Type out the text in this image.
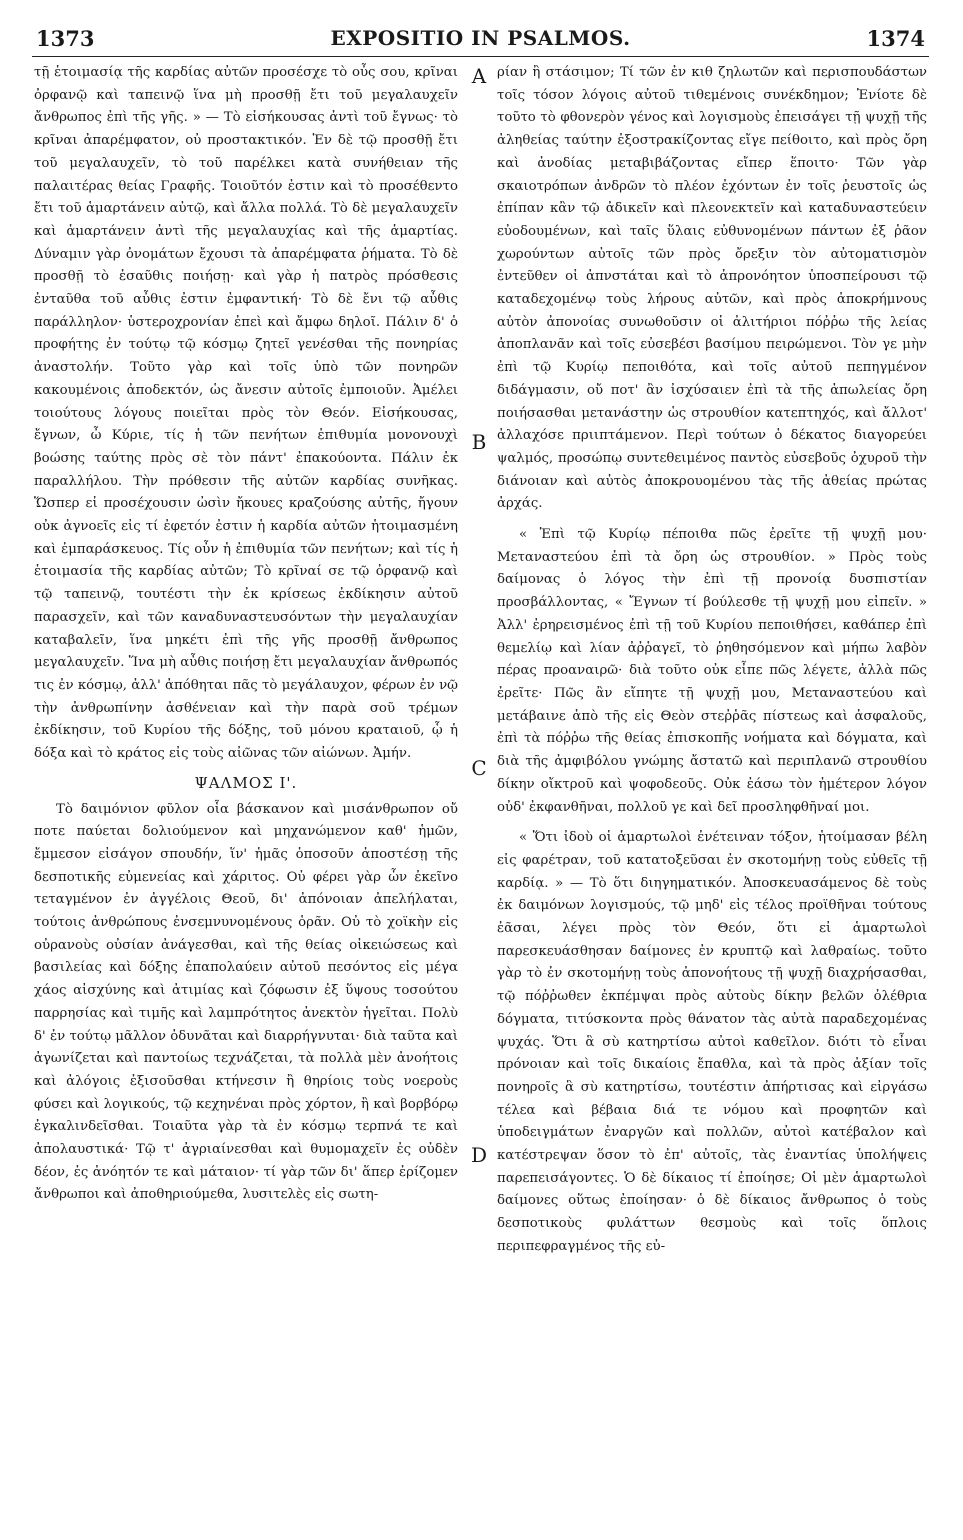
1373	EXPOSITIO IN PSALMOS.	1374

τῇ ἑτοιμασίᾳ τῆς καρδίας αὐτῶν προσέσχε τὸ οὖς σου, κρῖναι ὀρφανῷ καὶ ταπεινῷ ἵνα μὴ προσθῇ ἔτι τοῦ μεγαλαυχεῖν ἄνθρωπος ἐπὶ τῆς γῆς. » — Τὸ εἰσήκουσας ἀντὶ τοῦ ἔγνως· τὸ κρῖναι ἀπαρέμφατον, οὐ προστακτικόν. Ἐν δὲ τῷ προσθῇ ἔτι τοῦ μεγαλαυχεῖν, τὸ τοῦ παρέλκει κατὰ συνήθειαν τῆς παλαιτέρας θείας Γραφῆς. Τοιοῦτόν ἐστιν καὶ τὸ προσέθεντο ἔτι τοῦ ἁμαρτάνειν αὐτῷ, καὶ ἄλλα πολλά. Τὸ δὲ μεγαλαυχεῖν καὶ ἁμαρτάνειν ἀντὶ τῆς μεγαλαυχίας καὶ τῆς ἁμαρτίας. Δύναμιν γὰρ ὀνομάτων ἔχουσι τὰ ἀπαρέμφατα ῥήματα. Τὸ δὲ προσθῇ τὸ ἐσαῦθις ποιήσῃ· καὶ γὰρ ἡ πατρὸς πρόσθεσις ἐνταῦθα τοῦ αὖθις ἐστιν ἐμφαντική· Τὸ δὲ ἔνι τῷ αὖθις παράλληλον· ὑστεροχρονίαν ἐπεὶ καὶ ἄμφω δηλοῖ. Πάλιν δ' ὁ προφήτης ἐν τούτῳ τῷ κόσμῳ ζητεῖ γενέσθαι τῆς πονηρίας ἀναστολήν. Τοῦτο γὰρ καὶ τοῖς ὑπὸ τῶν πονηρῶν κακουμένοις ἀποδεκτόν, ὡς ἄνεσιν αὐτοῖς ἐμποιοῦν. Ἀμέλει τοιούτους λόγους ποιεῖται πρὸς τὸν Θεόν. Εἰσήκουσας, ἔγνων, ὦ Κύριε, τίς ἡ τῶν πενήτων ἐπιθυμία μονονουχὶ βοώσης ταύτης πρὸς σὲ τὸν πάντ' ἐπακούοντα. Πάλιν ἐκ παραλλήλου. Τὴν πρόθεσιν τῆς αὐτῶν καρδίας συνῆκας. Ὥσπερ εἰ προσέχουσιν ὠσὶν ἤκουες κραζούσης αὐτῆς, ἤγουν οὐκ ἀγνοεῖς εἰς τί ἐφετόν ἐστιν ἡ καρδία αὐτῶν ἡτοιμασμένη καὶ ἐμπαράσκευος. Τίς οὖν ἡ ἐπιθυμία τῶν πενήτων; καὶ τίς ἡ ἑτοιμασία τῆς καρδίας αὐτῶν; Τὸ κρῖναί σε τῷ ὀρφανῷ καὶ τῷ ταπεινῷ, τουτέστι τὴν ἐκ κρίσεως ἐκδίκησιν αὐτοῦ παρασχεῖν, καὶ τῶν καναδυναστευσόντων τὴν μεγαλαυχίαν καταβαλεῖν, ἵνα μηκέτι ἐπὶ τῆς γῆς προσθῇ ἄνθρωπος μεγαλαυχεῖν. Ἵνα μὴ αὖθις ποιήσῃ ἔτι μεγαλαυχίαν ἄνθρωπός τις ἐν κόσμῳ, ἀλλ' ἀπόθηται πᾶς τὸ μεγάλαυχον, φέρων ἐν νῷ τὴν ἀνθρωπίνην ἀσθένειαν καὶ τὴν παρὰ σοῦ τρέμων ἐκδίκησιν, τοῦ Κυρίου τῆς δόξης, τοῦ μόνου κραταιοῦ, ᾧ ἡ δόξα καὶ τὸ κράτος εἰς τοὺς αἰῶνας τῶν αἰώνων. Ἀμήν.

ΨΑΛΜΟΣ Ι'.

Τὸ δαιμόνιον φῦλον οἷα βάσκανον καὶ μισάνθρωπον οὔ ποτε παύεται δολιούμενον καὶ μηχανώμενον καθ' ἡμῶν, ἔμμεσον εἰσάγον σπουδήν, ἵν' ἡμᾶς ὁποσοῦν ἀποστέσῃ τῆς δεσποτικῆς εὐμενείας καὶ χάριτος. Οὐ φέρει γὰρ ὧν ἐκεῖνο τεταγμένον ἐν ἀγγέλοις Θεοῦ, δι' ἀπόνοιαν ἀπελήλαται, τούτοις ἀνθρώπους ἐνσεμνυνομένους ὁρᾶν. Οὐ τὸ χοϊκὴν εἰς οὐρανοὺς οὐσίαν ἀνάγεσθαι, καὶ τῆς θείας οἰκειώσεως καὶ βασιλείας καὶ δόξης ἐπαπολαύειν αὐτοῦ πεσόντος εἰς μέγα χάος αἰσχύνης καὶ ἀτιμίας καὶ ζόφωσιν ἐξ ὕψους τοσούτου παρρησίας καὶ τιμῆς καὶ λαμπρότητος ἀνεκτὸν ἡγεῖται. Πολὺ δ' ἐν τούτῳ μᾶλλον ὀδυνᾶται καὶ διαρρήγνυται· διὰ ταῦτα καὶ ἀγωνίζεται καὶ παντοίως τεχνάζεται, τὰ πολλὰ μὲν ἀνοήτοις καὶ ἀλόγοις ἐξισοῦσθαι κτήνεσιν ἢ θηρίοις τοὺς νοεροὺς φύσει καὶ λογικούς, τῷ κεχηνέναι πρὸς χόρτον, ἢ καὶ βορβόρῳ ἐγκαλινδεῖσθαι. Τοιαῦτα γὰρ τὰ ἐν κόσμῳ τερπνά τε καὶ ἀπολαυστικά· Τῷ τ' ἀγριαίνεσθαι καὶ θυμομαχεῖν ἐς οὐδὲν δέον, ἐς ἀνόητόν τε καὶ μάταιον· τί γὰρ τῶν δι' ἅπερ ἐρίζομεν ἄνθρωποι καὶ ἀποθηριούμεθα, λυσιτελὲς εἰς σωτη-

A
B
C
D

ρίαν ἢ στάσιμον; Τί τῶν ἐν κιθ ζηλωτῶν καὶ περισπουδάστων τοῖς τόσον λόγοις αὐτοῦ τιθεμένοις συνέκδημον; Ἐνίοτε δὲ τοῦτο τὸ φθονερὸν γένος καὶ λογισμοὺς ἐπεισάγει τῇ ψυχῇ τῆς ἀληθείας ταύτην ἐξοστρακίζοντας εἴγε πείθοιτο, καὶ πρὸς ὄρη καὶ ἀνοδίας μεταβιβάζοντας εἴπερ ἕποιτο· Τῶν γὰρ σκαιοτρόπων ἀνδρῶν τὸ πλέον ἐχόντων ἐν τοῖς ῥευστοῖς ὡς ἐπίπαν κἂν τῷ ἀδικεῖν καὶ πλεονεκτεῖν καὶ καταδυναστεύειν εὐοδουμένων, καὶ ταῖς ὕλαις εὐθυνομένων πάντων ἐξ ῥᾶον χωρούντων αὐτοῖς τῶν πρὸς ὄρεξιν τὸν αὐτοματισμὸν ἐντεῦθεν οἱ ἀπνστάται καὶ τὸ ἀπρονόητον ὑποσπείρουσι τῷ καταδεχομένῳ τοὺς λήρους αὐτῶν, καὶ πρὸς ἀποκρήμνους αὐτὸν ἀπονοίας συνωθοῦσιν οἱ ἀλιτήριοι πόῤῥω τῆς λείας ἀποπλανᾶν καὶ τοῖς εὐσεβέσι βασίμου πειρώμενοι. Τὸν γε μὴν ἐπὶ τῷ Κυρίῳ πεποιθότα, καὶ τοῖς αὐτοῦ πεπηγμένον διδάγμασιν, οὔ ποτ' ἂν ἰσχύσαιεν ἐπὶ τὰ τῆς ἀπωλείας ὄρη ποιήσασθαι μετανάστην ὡς στρουθίον κατεπτηχός, καὶ ἄλλοτ' ἀλλαχόσε πριιπτάμενον. Περὶ τούτων ὁ δέκατος διαγορεύει ψαλμός, προσώπῳ συντεθειμένος παντὸς εὐσεβοῦς ὀχυροῦ τὴν διάνοιαν καὶ αὐτὸς ἀποκρουομένου τὰς τῆς ἀθείας πρώτας ἀρχάς.

« Ἐπὶ τῷ Κυρίῳ πέποιθα πῶς ἐρεῖτε τῇ ψυχῇ μου· Μεταναστεύου ἐπὶ τὰ ὄρη ὡς στρουθίον. » Πρὸς τοὺς δαίμονας ὁ λόγος τὴν ἐπὶ τῇ προνοίᾳ δυσπιστίαν προσβάλλοντας, « Ἔγνων τί βούλεσθε τῇ ψυχῇ μου εἰπεῖν. » Ἀλλ' ἐρηρεισμένος ἐπὶ τῇ τοῦ Κυρίου πεποιθήσει, καθάπερ ἐπὶ θεμελίῳ καὶ λίαν ἀῤῥαγεῖ, τὸ ῥηθησόμενον καὶ μήπω λαβὸν πέρας προαναιρῶ· διὰ τοῦτο οὐκ εἶπε πῶς λέγετε, ἀλλὰ πῶς ἐρεῖτε· Πῶς ἂν εἴπητε τῇ ψυχῇ μου, Μεταναστεύου καὶ μετάβαινε ἀπὸ τῆς εἰς Θεὸν στεῤῥᾶς πίστεως καὶ ἀσφαλοῦς, ἐπὶ τὰ πόῤῥω τῆς θείας ἐπισκοπῆς νοήματα καὶ δόγματα, καὶ διὰ τῆς ἀμφιβόλου γνώμης ἄστατῶ καὶ περιπλανῶ στρουθίου δίκην οἴκτροῦ καὶ ψοφοδεοῦς. Οὐκ ἐάσω τὸν ἡμέτερον λόγον οὐδ' ἐκφανθῆναι, πολλοῦ γε καὶ δεῖ προσληφθῆναί μοι.

« Ὅτι ἰδοὺ οἱ ἁμαρτωλοὶ ἐνέτειναν τόξον, ἡτοίμασαν βέλη εἰς φαρέτραν, τοῦ κατατοξεῦσαι ἐν σκοτομήνῃ τοὺς εὐθεῖς τῇ καρδίᾳ. » — Τὸ ὅτι διηγηματικόν. Ἀποσκευασάμενος δὲ τοὺς ἐκ δαιμόνων λογισμούς, τῷ μηδ' εἰς τέλος προϊθῆναι τούτους ἐᾶσαι, λέγει πρὸς τὸν Θεόν, ὅτι εἰ ἁμαρτωλοὶ παρεσκευάσθησαν δαίμονες ἐν κρυπτῷ καὶ λαθραίως. τοῦτο γὰρ τὸ ἐν σκοτομήνῃ τοὺς ἀπονοήτους τῇ ψυχῇ διαχρήσασθαι, τῷ πόῤῥωθεν ἐκπέμψαι πρὸς αὐτοὺς δίκην βελῶν ὀλέθρια δόγματα, τιτύσκοντα πρὸς θάνατον τὰς αὐτὰ παραδεχομένας ψυχάς. Ὅτι ἃ σὺ κατηρτίσω αὐτοὶ καθεῖλον. διότι τὸ εἶναι πρόνοιαν καὶ τοῖς δικαίοις ἔπαθλα, καὶ τὰ πρὸς ἀξίαν τοῖς πονηροῖς ἃ σὺ κατηρτίσω, τουτέστιν ἀπήρτισας καὶ εἰργάσω τέλεα καὶ βέβαια διά τε νόμου καὶ προφητῶν καὶ ὑποδειγμάτων ἐναργῶν καὶ πολλῶν, αὐτοὶ κατέβαλον καὶ κατέστρεψαν ὅσον τὸ ἐπ' αὐτοῖς, τὰς ἐναντίας ὑπολήψεις παρεπεισάγοντες. Ὁ δὲ δίκαιος τί ἐποίησε; Οἱ μὲν ἁμαρτωλοὶ δαίμονες οὕτως ἐποίησαν· ὁ δὲ δίκαιος ἄνθρωπος ὁ τοὺς δεσποτικοὺς φυλάττων θεσμοὺς καὶ τοῖς ὅπλοις περιπεφραγμένος τῆς εὐ-
